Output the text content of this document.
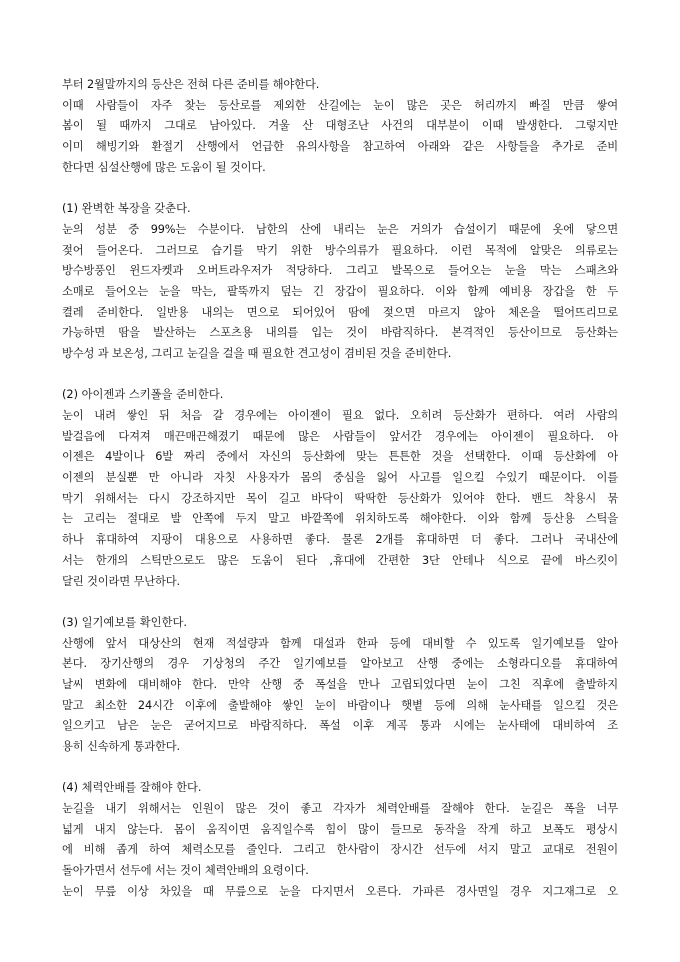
부터 2월말까지의 등산은 전혀 다른 준비를 해야한다.

이때 사람들이 자주 찾는 등산로를 제외한 산길에는 눈이 많은 곳은 허리까지 빠질 만큼 쌓여

봄이 될 때까지 그대로 남아있다. 겨울 산 대형조난 사건의 대부분이 이때 발생한다. 그렇지만

이미 해빙기와 환절기 산행에서 언급한 유의사항을 참고하여 아래와 같은 사항들을 추가로 준비

한다면 심설산행에 많은 도움이 될 것이다.

(1) 완벽한 복장을 갖춘다.

눈의 성분 중 99%는 수분이다. 남한의 산에 내리는 눈은 거의가 습설이기 때문에 옷에 닿으면

젖어 들어온다. 그러므로 습기를 막기 위한 방수의류가 필요하다. 이런 목적에 알맞은 의류로는

방수방풍인 윈드자켓과 오버트라우저가 적당하다. 그리고 발목으로 들어오는 눈을 막는 스패츠와

소매로 들어오는 눈을 막는, 팔뚝까지 덮는 긴 장갑이 필요하다. 이와 함께 예비용 장갑을 한 두

켤레 준비한다. 일반용 내의는 면으로 되어있어 땀에 젖으면 마르지 않아 체온을 떨어뜨리므로

가능하면 땀을 발산하는 스포츠용 내의를 입는 것이 바람직하다. 본격적인 등산이므로 등산화는

방수성 과 보온성, 그리고 눈길을 걸을 때 필요한 견고성이 겸비된 것을 준비한다.

(2) 아이젠과 스키폴을 준비한다.

눈이 내려 쌓인 뒤 처음 갈 경우에는 아이젠이 필요 없다. 오히려 등산화가 편하다. 여러 사람의

발걸음에 다져져 매끈매끈해졌기 때문에 많은 사람들이 앞서간 경우에는 아이젠이 필요하다. 아

이젠은 4발이나 6발 짜리 중에서 자신의 등산화에 맞는 튼튼한 것을 선택한다. 이때 등산화에 아

이젠의 분실뿐 만 아니라 자칫 사용자가 몸의 중심을 잃어 사고를 일으킬 수있기 때문이다. 이를

막기 위해서는 다시 강조하지만 목이 길고 바닥이 딱딱한 등산화가 있어야 한다. 밴드 착용시 묶

는 고리는 절대로 발 안쪽에 두지 말고 바깥쪽에 위치하도록 해야한다. 이와 함께 등산용 스틱을

하나 휴대하여 지팡이 대용으로 사용하면 좋다. 물론 2개를 휴대하면 더 좋다. 그러나 국내산에

서는 한개의 스틱만으로도 많은 도움이 된다 ,휴대에 간편한 3단 안테나 식으로 끝에 바스킷이

달린 것이라면 무난하다.

(3) 일기예보를 확인한다.

산행에 앞서 대상산의 현재 적설량과 함께 대설과 한파 등에 대비할 수 있도록 일기예보를 알아

본다. 장기산행의 경우 기상청의 주간 일기예보를 알아보고 산행 중에는 소형라디오를 휴대하여

날씨 변화에 대비해야 한다. 만약 산행 중 폭설을 만나 고립되었다면 눈이 그친 직후에 출발하지

말고 최소한 24시간 이후에 출발해야 쌓인 눈이 바람이나 햇볕 등에 의해 눈사태를 일으킬 것은

일으키고 남은 눈은 굳어지므로 바람직하다. 폭설 이후 계곡 통과 시에는 눈사태에 대비하여 조

용히 신속하게 통과한다.

(4) 체력안배를 잘해야 한다.

눈길을 내기 위해서는 인원이 많은 것이 좋고 각자가 체력안배를 잘해야 한다. 눈길은 폭을 너무

넓게 내지 않는다. 몸이 움직이면 움직일수록 힘이 많이 들므로 동작을 작게 하고 보폭도 평상시

에 비해 좁게 하여 체력소모를 줄인다. 그리고 한사람이 장시간 선두에 서지 말고 교대로 전원이

돌아가면서 선두에 서는 것이 체력안배의 요령이다.

눈이 무릎 이상 차있을 때 무릎으로 눈을 다지면서 오른다. 가파른 경사면일 경우 지그재그로 오
